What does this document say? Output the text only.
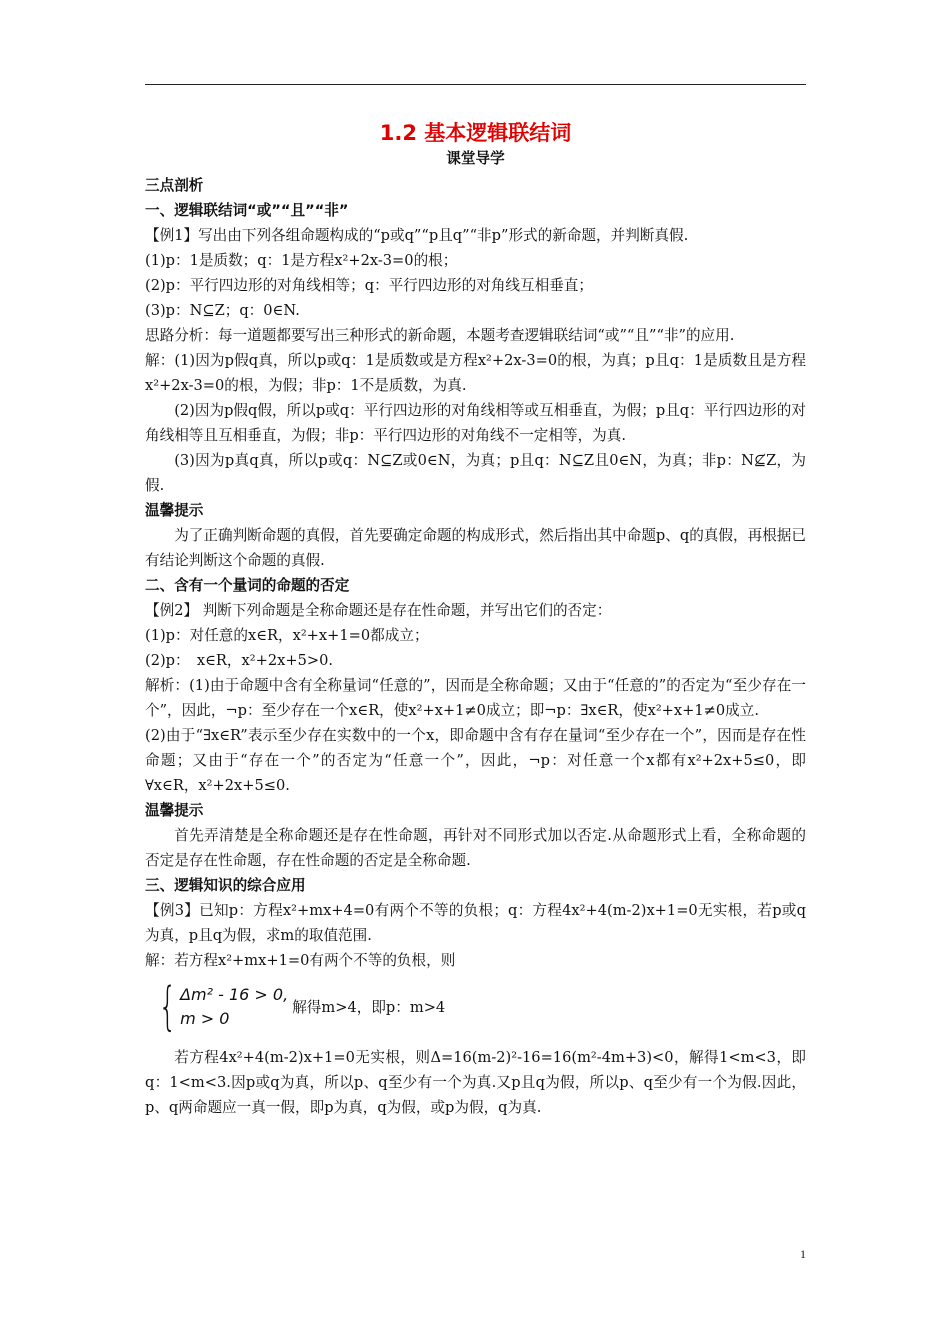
1.2 基本逻辑联结词
课堂导学
三点剖析
一、逻辑联结词“或”“且”“非”
【例1】写出由下列各组命题构成的“p或q”“p且q”“非p”形式的新命题，并判断真假.
(1)p：1是质数；q：1是方程x²+2x-3=0的根；
(2)p：平行四边形的对角线相等；q：平行四边形的对角线互相垂直；
(3)p：N⊆Z；q：0∈N.
思路分析：每一道题都要写出三种形式的新命题，本题考查逻辑联结词“或”“且”“非”的应用.
解：(1)因为p假q真，所以p或q：1是质数或是方程x²+2x-3=0的根，为真；p且q：1是质数且是方程x²+2x-3=0的根，为假；非p：1不是质数，为真.
(2)因为p假q假，所以p或q：平行四边形的对角线相等或互相垂直，为假；p且q：平行四边形的对角线相等且互相垂直，为假；非p：平行四边形的对角线不一定相等，为真.
(3)因为p真q真，所以p或q：N⊆Z或0∈N，为真；p且q：N⊆Z且0∈N，为真；非p：N⊈Z，为假.
温馨提示
为了正确判断命题的真假，首先要确定命题的构成形式，然后指出其中命题p、q的真假，再根据已有结论判断这个命题的真假.
二、含有一个量词的命题的否定
【例2】 判断下列命题是全称命题还是存在性命题，并写出它们的否定：
(1)p：对任意的x∈R，x²+x+1=0都成立；
(2)p：　x∈R，x²+2x+5>0.
解析：(1)由于命题中含有全称量词“任意的”，因而是全称命题；又由于“任意的”的否定为“至少存在一个”，因此，¬p：至少存在一个x∈R，使x²+x+1≠0成立；即¬p：∃x∈R，使x²+x+1≠0成立.
(2)由于“∃x∈R”表示至少存在实数中的一个x，即命题中含有存在量词“至少存在一个”，因而是存在性命题；又由于“存在一个”的否定为“任意一个”，因此，¬p：对任意一个x都有x²+2x+5≤0，即∀x∈R，x²+2x+5≤0.
温馨提示
首先弄清楚是全称命题还是存在性命题，再针对不同形式加以否定.从命题形式上看，全称命题的否定是存在性命题，存在性命题的否定是全称命题.
三、逻辑知识的综合应用
【例3】已知p：方程x²+mx+4=0有两个不等的负根；q：方程4x²+4(m-2)x+1=0无实根，若p或q为真，p且q为假，求m的取值范围.
解：若方程x²+mx+1=0有两个不等的负根，则
{ Δm² - 16 > 0,
m > 0
解得m>4，即p：m>4
若方程4x²+4(m-2)x+1=0无实根，则Δ=16(m-2)²-16=16(m²-4m+3)<0，解得1<m<3，即q：1<m<3.因p或q为真，所以p、q至少有一个为真.又p且q为假，所以p、q至少有一个为假.因此，p、q两命题应一真一假，即p为真，q为假，或p为假，q为真.
1
